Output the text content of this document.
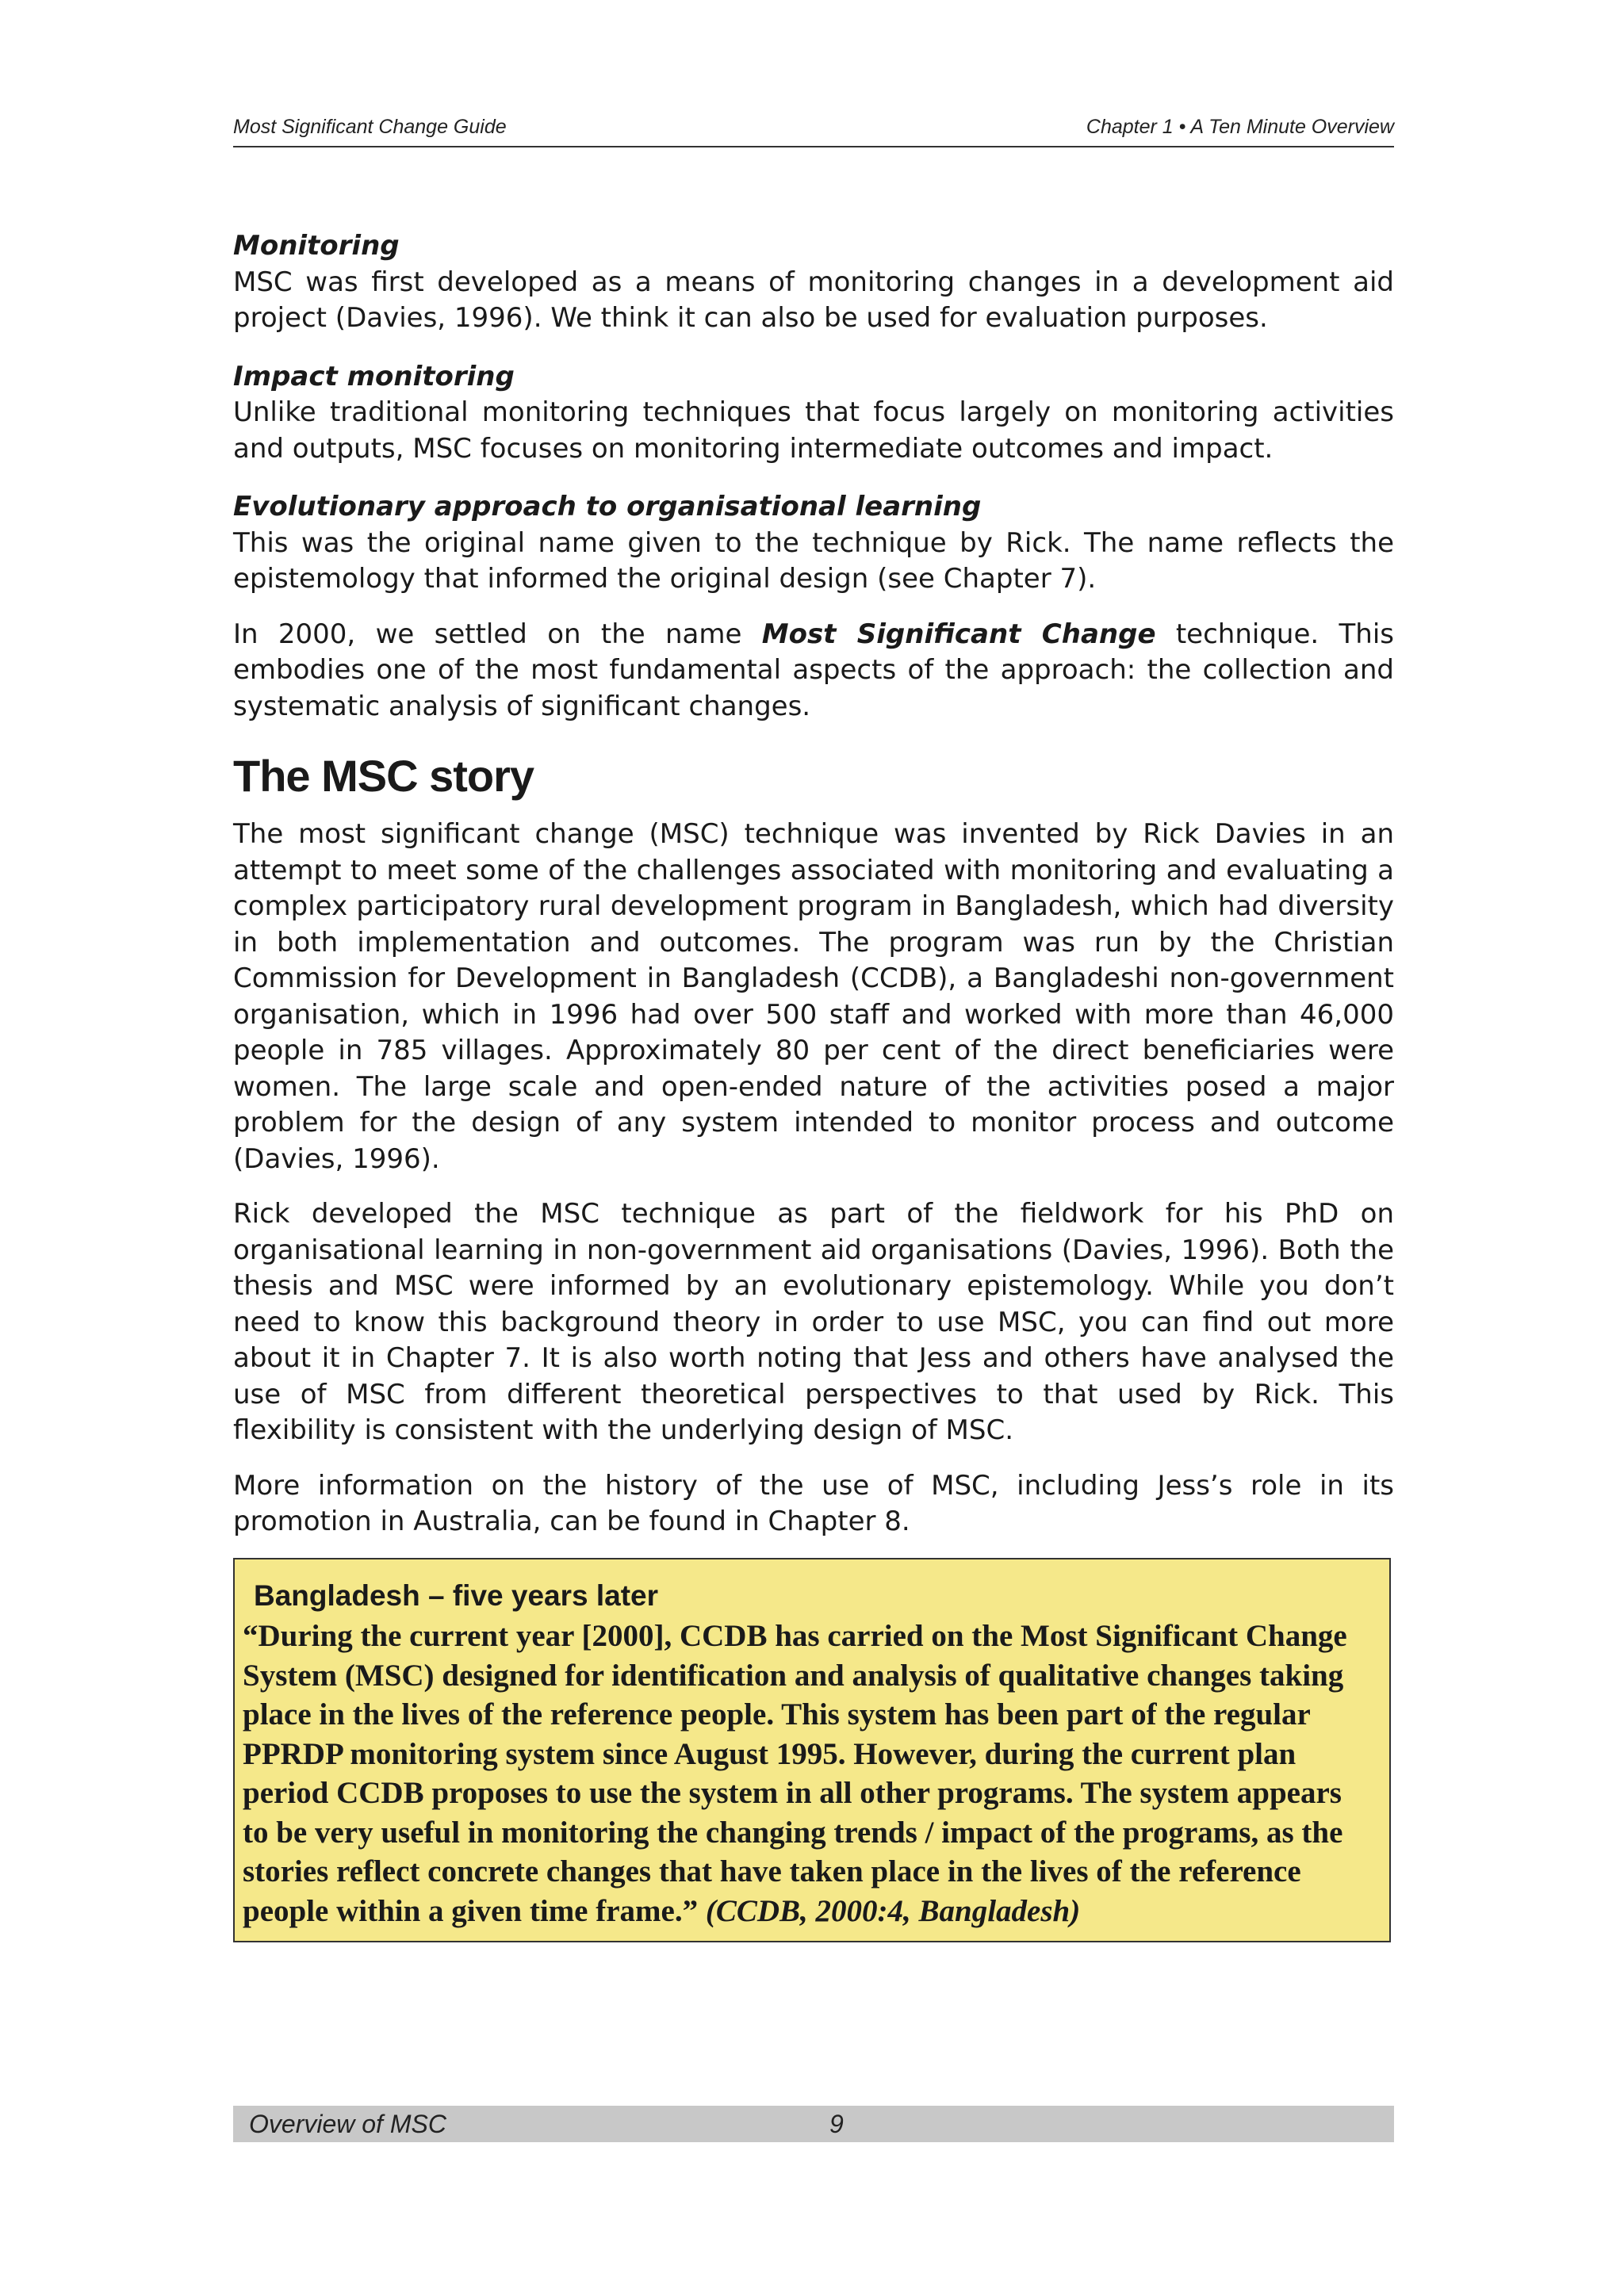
Most Significant Change Guide	Chapter 1 • A Ten Minute Overview
Monitoring

MSC was first developed as a means of monitoring changes in a development aid project (Davies, 1996). We think it can also be used for evaluation purposes.

Impact monitoring

Unlike traditional monitoring techniques that focus largely on monitoring activities and outputs, MSC focuses on monitoring intermediate outcomes and impact.

Evolutionary approach to organisational learning

This was the original name given to the technique by Rick. The name reflects the epistemology that informed the original design (see Chapter 7).

In 2000, we settled on the name Most Significant Change technique. This embodies one of the most fundamental aspects of the approach: the collection and systematic analysis of significant changes.

The MSC story

The most significant change (MSC) technique was invented by Rick Davies in an attempt to meet some of the challenges associated with monitoring and evaluating a complex participatory rural development program in Bangladesh, which had diversity in both implementation and outcomes. The program was run by the Christian Commission for Development in Bangladesh (CCDB), a Bangladeshi non-government organisation, which in 1996 had over 500 staff and worked with more than 46,000 people in 785 villages. Approximately 80 per cent of the direct beneficiaries were women. The large scale and open-ended nature of the activities posed a major problem for the design of any system intended to monitor process and outcome (Davies, 1996).

Rick developed the MSC technique as part of the fieldwork for his PhD on organisational learning in non-government aid organisations (Davies, 1996). Both the thesis and MSC were informed by an evolutionary epistemology. While you don’t need to know this background theory in order to use MSC, you can find out more about it in Chapter 7. It is also worth noting that Jess and others have analysed the use of MSC from different theoretical perspectives to that used by Rick. This flexibility is consistent with the underlying design of MSC.

More information on the history of the use of MSC, including Jess’s role in its promotion in Australia, can be found in Chapter 8.

Bangladesh – five years later

“During the current year [2000], CCDB has carried on the Most Significant Change System (MSC) designed for identification and analysis of qualitative changes taking place in the lives of the reference people. This system has been part of the regular PPRDP monitoring system since August 1995. However, during the current plan period CCDB proposes to use the system in all other programs. The system appears to be very useful in monitoring the changing trends / impact of the programs, as the stories reflect concrete changes that have taken place in the lives of the reference people within a given time frame.” (CCDB, 2000:4, Bangladesh)

Overview of MSC	9
